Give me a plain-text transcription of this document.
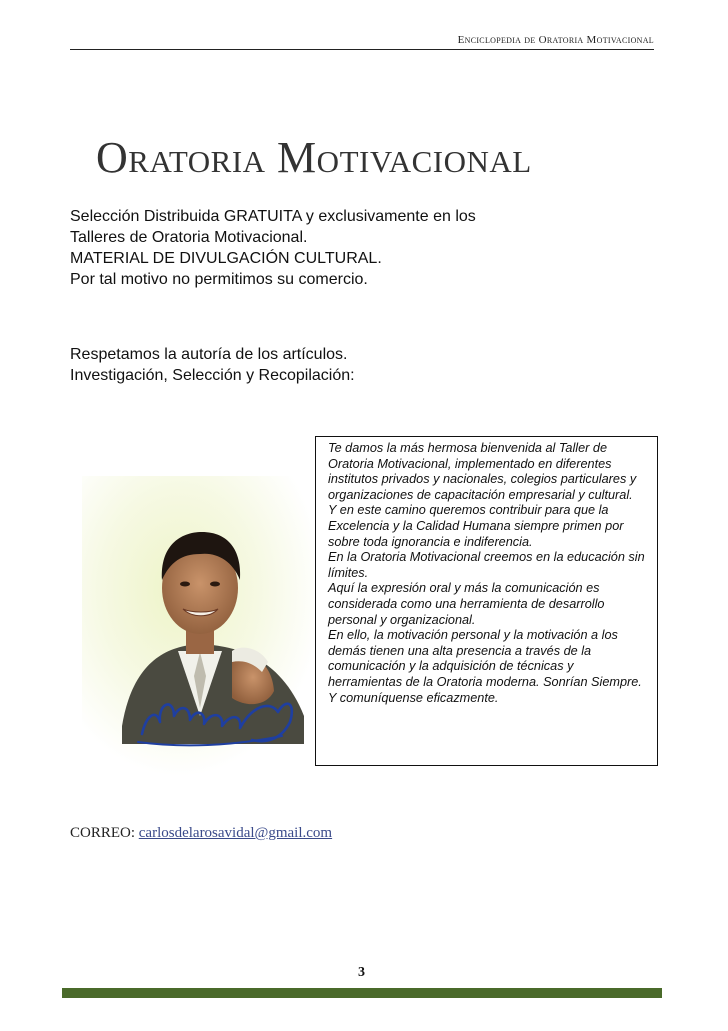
Enciclopedia de Oratoria Motivacional
Oratoria Motivacional
Selección Distribuida GRATUITA y exclusivamente en los
Talleres de Oratoria Motivacional.
MATERIAL DE DIVULGACIÓN CULTURAL.
Por tal motivo no permitimos su comercio.
Respetamos la autoría de los artículos.
Investigación, Selección y Recopilación:

Te damos la más hermosa bienvenida al Taller de Oratoria Motivacional, implementado en diferentes institutos privados y nacionales, colegios particulares y organizaciones de capacitación empresarial y cultural.

Y en este camino queremos contribuir para que la Excelencia y la Calidad Humana siempre primen por sobre toda ignorancia e indiferencia.

En la Oratoria Motivacional creemos en la educación sin límites.

Aquí la expresión oral y más la comunicación es considerada como una herramienta de desarrollo personal y organizacional.

En ello, la motivación personal y la motivación a los demás tienen una alta presencia a través de la comunicación y la adquisición de técnicas y herramientas de la Oratoria moderna. Sonrían Siempre. Y comuníquense eficazmente.

CORREO: carlosdelarosavidal@gmail.com
3
